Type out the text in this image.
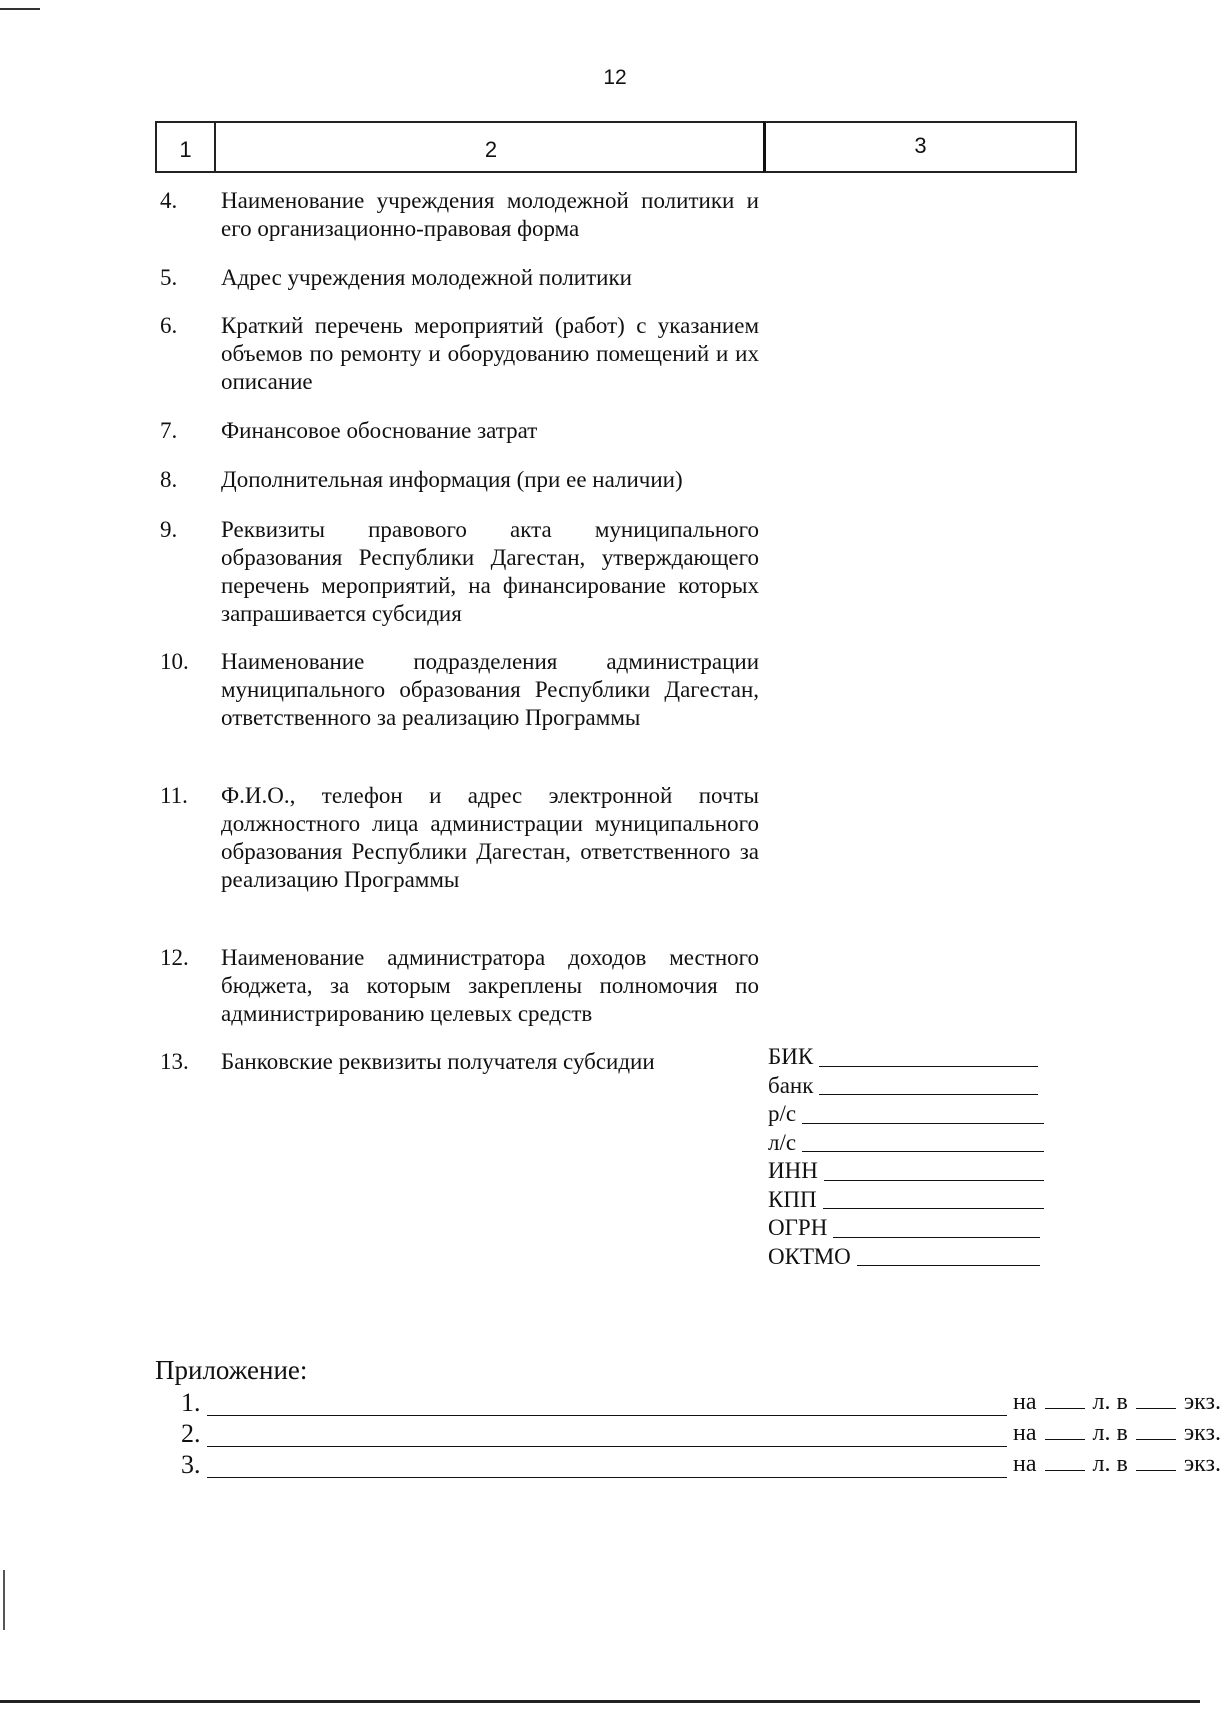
12
1	2	3
4.	Наименование учреждения молодежной политики и его организационно-правовая форма
5.	Адрес учреждения молодежной политики
6.	Краткий перечень мероприятий (работ) с указанием объемов по ремонту и оборудованию помещений и их описание
7.	Финансовое обоснование затрат
8.	Дополнительная информация (при ее наличии)
9.	Реквизиты правового акта муниципального образования Республики Дагестан, утверждающего перечень мероприятий, на финансирование которых запрашивается субсидия
10.	Наименование подразделения администрации муниципального образования Республики Дагестан, ответственного за реализацию Программы
11.	Ф.И.О., телефон и адрес электронной почты должностного лица администрации муниципального образования Республики Дагестан, ответственного за реализацию Программы
12.	Наименование администратора доходов местного бюджета, за которым закреплены полномочия по администрированию целевых средств
13.	Банковские реквизиты получателя субсидии	БИК
банк
р/с
л/с
ИНН
КПП
ОГРН
ОКТМО
Приложение:
1.	на л. в экз.
2.	на л. в экз.
3.	на л. в экз.
